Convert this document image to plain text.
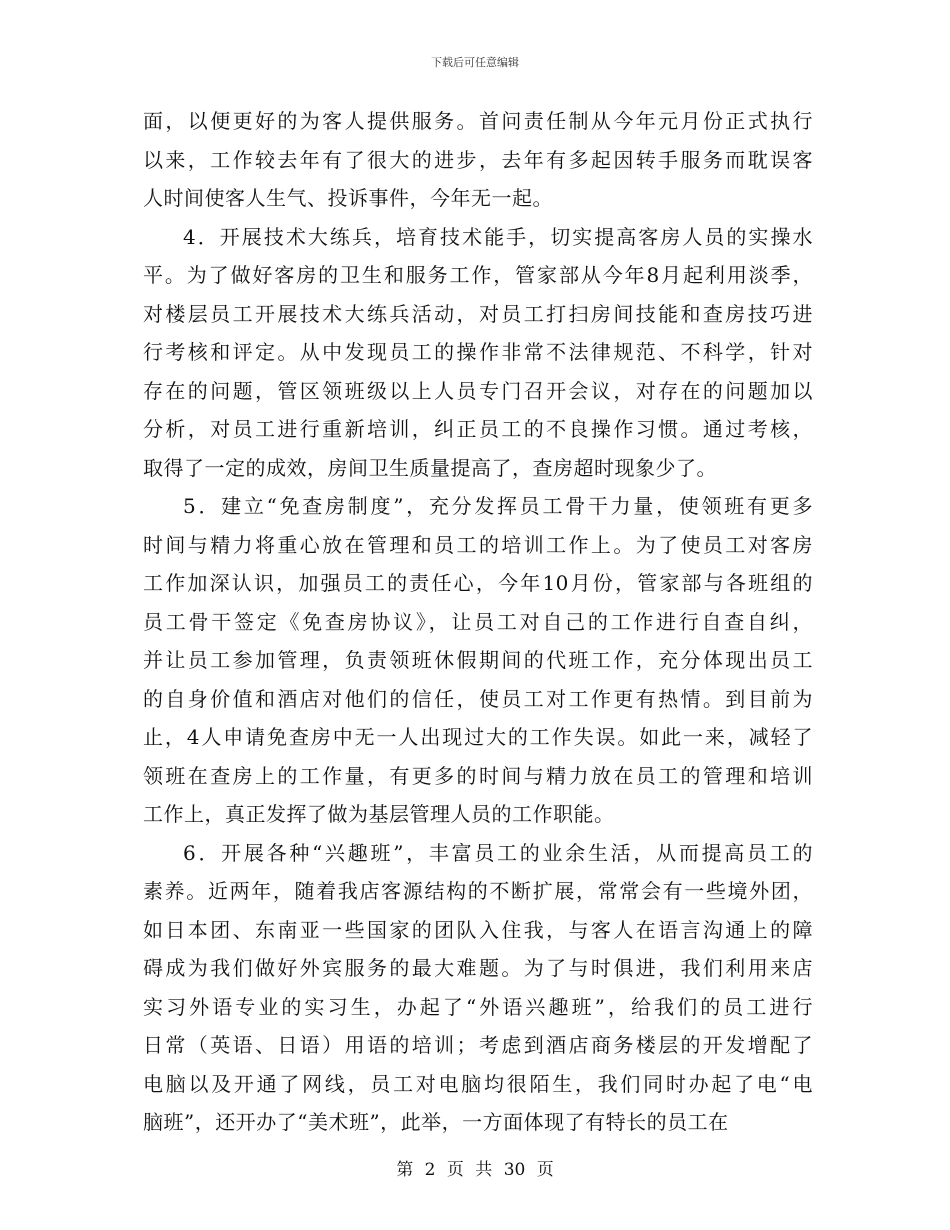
下载后可任意编辑
面，以便更好的为客人提供服务。首问责任制从今年元月份正式执行
以来，工作较去年有了很大的进步，去年有多起因转手服务而耽误客
人时间使客人生气、投诉事件，今年无一起。
4．开展技术大练兵，培育技术能手，切实提高客房人员的实操水
平。为了做好客房的卫生和服务工作，管家部从今年8月起利用淡季，
对楼层员工开展技术大练兵活动，对员工打扫房间技能和查房技巧进
行考核和评定。从中发现员工的操作非常不法律规范、不科学，针对
存在的问题，管区领班级以上人员专门召开会议，对存在的问题加以
分析，对员工进行重新培训，纠正员工的不良操作习惯。通过考核，
取得了一定的成效，房间卫生质量提高了，查房超时现象少了。
5．建立“免查房制度”，充分发挥员工骨干力量，使领班有更多
时间与精力将重心放在管理和员工的培训工作上。为了使员工对客房
工作加深认识，加强员工的责任心，今年10月份，管家部与各班组的
员工骨干签定《免查房协议》，让员工对自己的工作进行自查自纠，
并让员工参加管理，负责领班休假期间的代班工作，充分体现出员工
的自身价值和酒店对他们的信任，使员工对工作更有热情。到目前为
止，4人申请免查房中无一人出现过大的工作失误。如此一来，减轻了
领班在查房上的工作量，有更多的时间与精力放在员工的管理和培训
工作上，真正发挥了做为基层管理人员的工作职能。
6．开展各种“兴趣班”，丰富员工的业余生活，从而提高员工的
素养。近两年，随着我店客源结构的不断扩展，常常会有一些境外团，
如日本团、东南亚一些国家的团队入住我，与客人在语言沟通上的障
碍成为我们做好外宾服务的最大难题。为了与时俱进，我们利用来店
实习外语专业的实习生，办起了“外语兴趣班”，给我们的员工进行
日常（英语、日语）用语的培训；考虑到酒店商务楼层的开发增配了
电脑以及开通了网线，员工对电脑均很陌生，我们同时办起了电“电
脑班”，还开办了“美术班”，此举，一方面体现了有特长的员工在
第 2 页 共 30 页
